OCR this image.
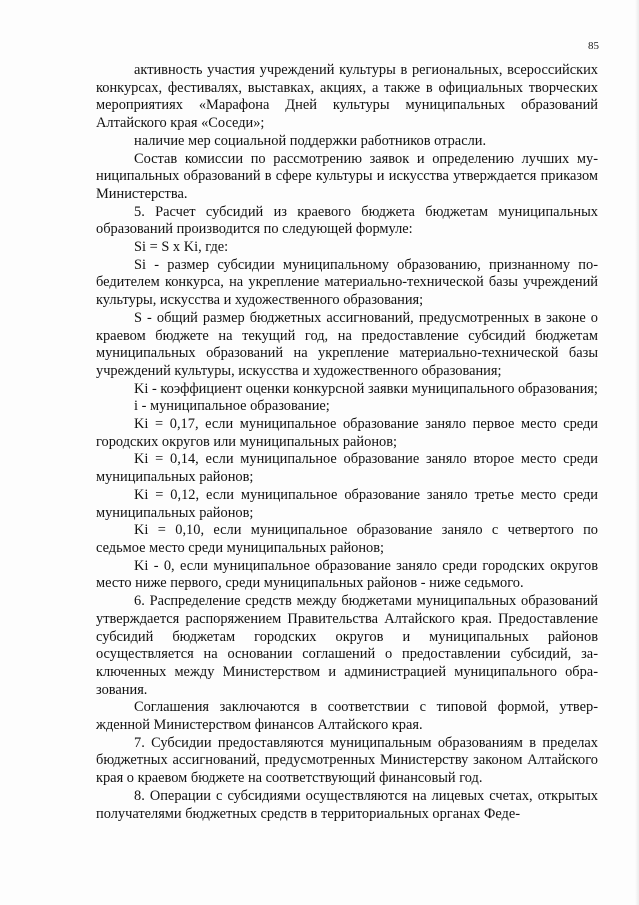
85

активность участия учреждений культуры в региональных, всероссийских конкурсах, фестивалях, выставках, акциях, а также в официальных творческих мероприятиях «Марафона Дней культуры муниципальных образований Алтайского края «Соседи»;

наличие мер социальной поддержки работников отрасли.

Состав комиссии по рассмотрению заявок и определению лучших муниципальных образований в сфере культуры и искусства утверждается приказом Министерства.

5. Расчет субсидий из краевого бюджета бюджетам муниципальных образований производится по следующей формуле:

Si = S x Ki, где:

Si - размер субсидии муниципальному образованию, признанному победителем конкурса, на укрепление материально-технической базы учреждений культуры, искусства и художественного образования;

S - общий размер бюджетных ассигнований, предусмотренных в законе о краевом бюджете на текущий год, на предоставление субсидий бюджетам муниципальных образований на укрепление материально-технической базы учреждений культуры, искусства и художественного образования;

Ki - коэффициент оценки конкурсной заявки муниципального образования;

i - муниципальное образование;

Ki = 0,17, если муниципальное образование заняло первое место среди городских округов или муниципальных районов;

Ki = 0,14, если муниципальное образование заняло второе место среди муниципальных районов;

Ki = 0,12, если муниципальное образование заняло третье место среди муниципальных районов;

Ki = 0,10, если муниципальное образование заняло с четвертого по седьмое место среди муниципальных районов;

Ki - 0, если муниципальное образование заняло среди городских округов место ниже первого, среди муниципальных районов - ниже седьмого.

6. Распределение средств между бюджетами муниципальных образований утверждается распоряжением Правительства Алтайского края. Предоставление субсидий бюджетам городских округов и муниципальных районов осуществляется на основании соглашений о предоставлении субсидий, заключенных между Министерством и администрацией муниципального образования.

Соглашения заключаются в соответствии с типовой формой, утвержденной Министерством финансов Алтайского края.

7. Субсидии предоставляются муниципальным образованиям в пределах бюджетных ассигнований, предусмотренных Министерству законом Алтайского края о краевом бюджете на соответствующий финансовый год.

8. Операции с субсидиями осуществляются на лицевых счетах, открытых получателями бюджетных средств в территориальных органах Феде-
